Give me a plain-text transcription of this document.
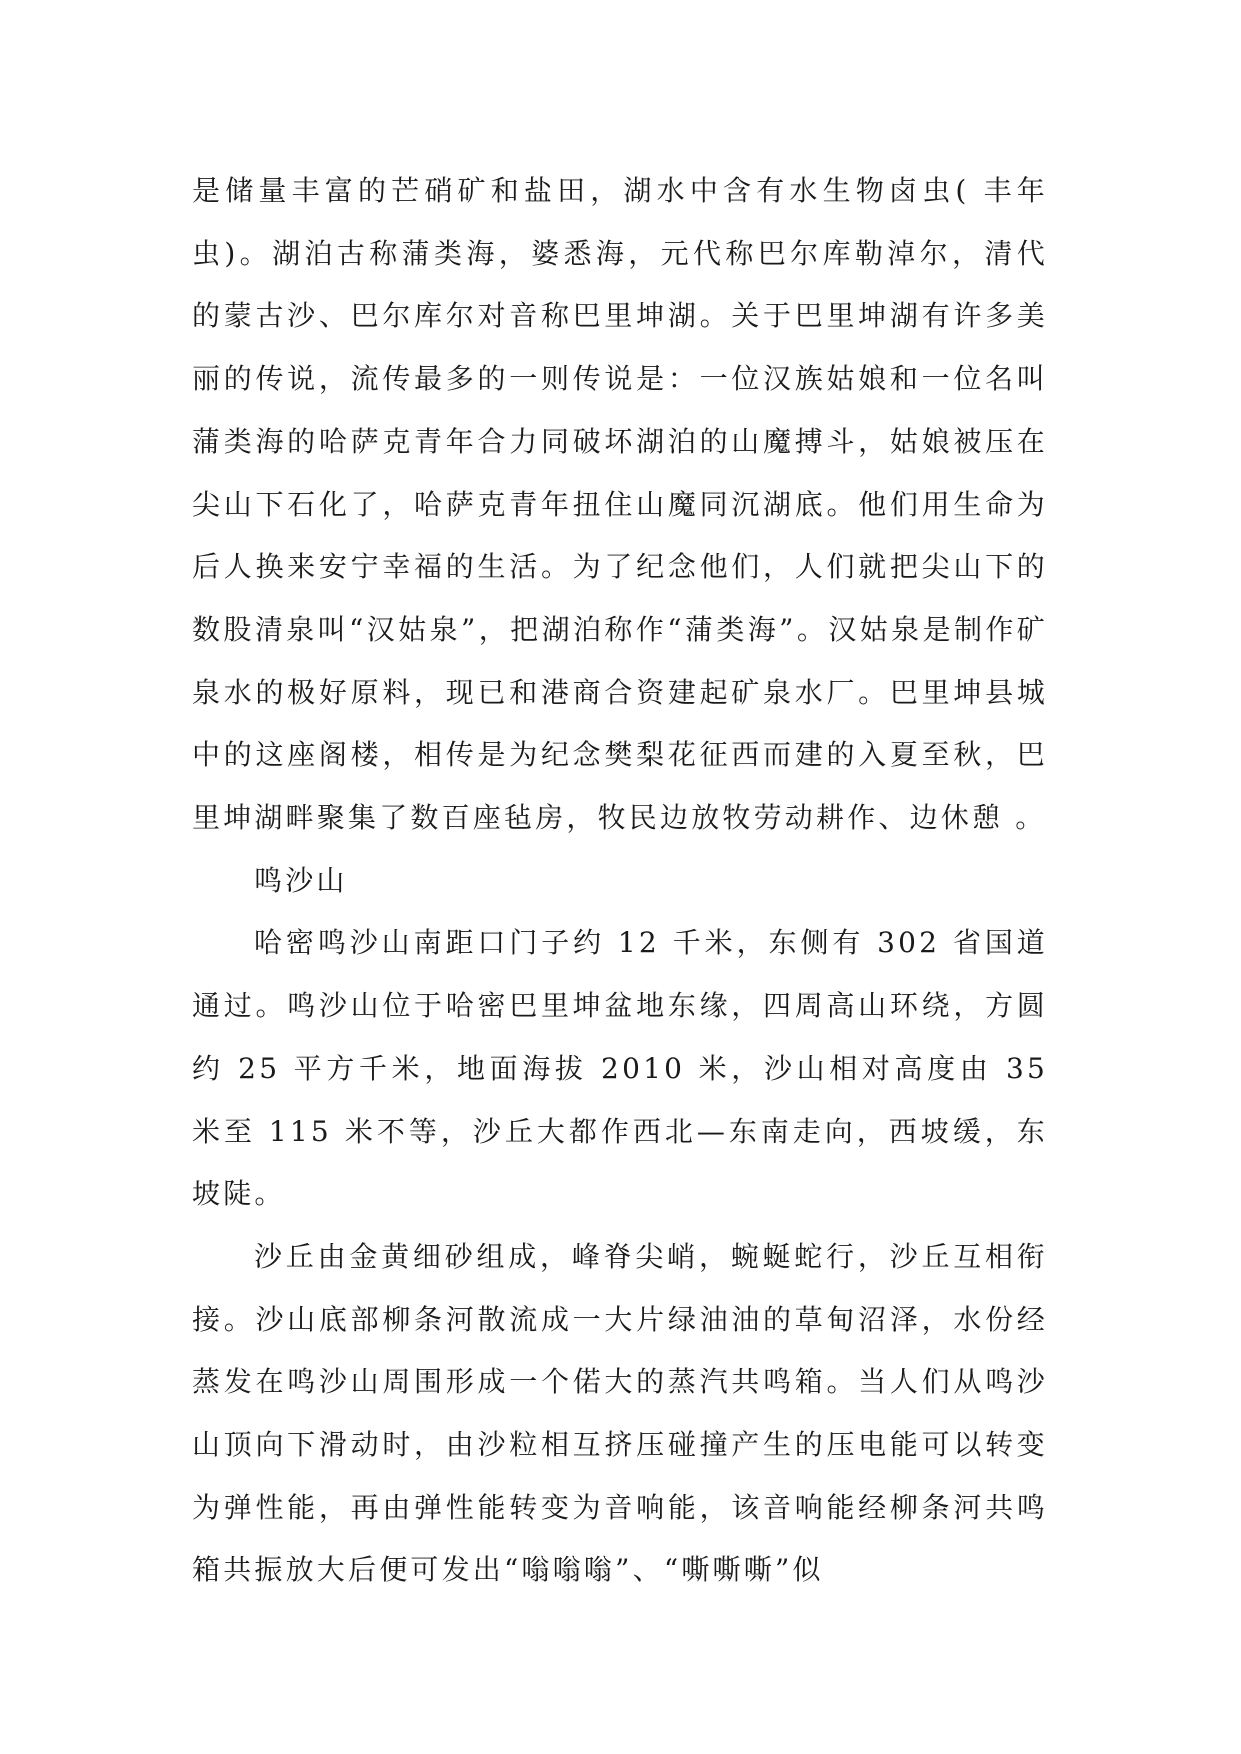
是储量丰富的芒硝矿和盐田，湖水中含有水生物卤虫( 丰年虫)。湖泊古称蒲类海，婆悉海，元代称巴尔库勒淖尔，清代的蒙古沙、巴尔库尔对音称巴里坤湖。关于巴里坤湖有许多美丽的传说，流传最多的一则传说是：一位汉族姑娘和一位名叫蒲类海的哈萨克青年合力同破坏湖泊的山魔搏斗，姑娘被压在尖山下石化了，哈萨克青年扭住山魔同沉湖底。他们用生命为后人换来安宁幸福的生活。为了纪念他们，人们就把尖山下的数股清泉叫“汉姑泉”，把湖泊称作“蒲类海”。汉姑泉是制作矿泉水的极好原料，现已和港商合资建起矿泉水厂。巴里坤县城中的这座阁楼，相传是为纪念樊梨花征西而建的入夏至秋，巴里坤湖畔聚集了数百座毡房，牧民边放牧劳动耕作、边休憩 。

鸣沙山

哈密鸣沙山南距口门子约 12 千米，东侧有 302 省国道通过。鸣沙山位于哈密巴里坤盆地东缘，四周高山环绕，方圆约 25 平方千米，地面海拔 2010 米，沙山相对高度由 35 米至 115 米不等，沙丘大都作西北—东南走向，西坡缓，东坡陡。

沙丘由金黄细砂组成，峰脊尖峭，蜿蜒蛇行，沙丘互相衔接。沙山底部柳条河散流成一大片绿油油的草甸沼泽，水份经蒸发在鸣沙山周围形成一个偌大的蒸汽共鸣箱。当人们从鸣沙山顶向下滑动时，由沙粒相互挤压碰撞产生的压电能可以转变为弹性能，再由弹性能转变为音响能，该音响能经柳条河共鸣箱共振放大后便可发出“嗡嗡嗡”、“嘶嘶嘶”似
